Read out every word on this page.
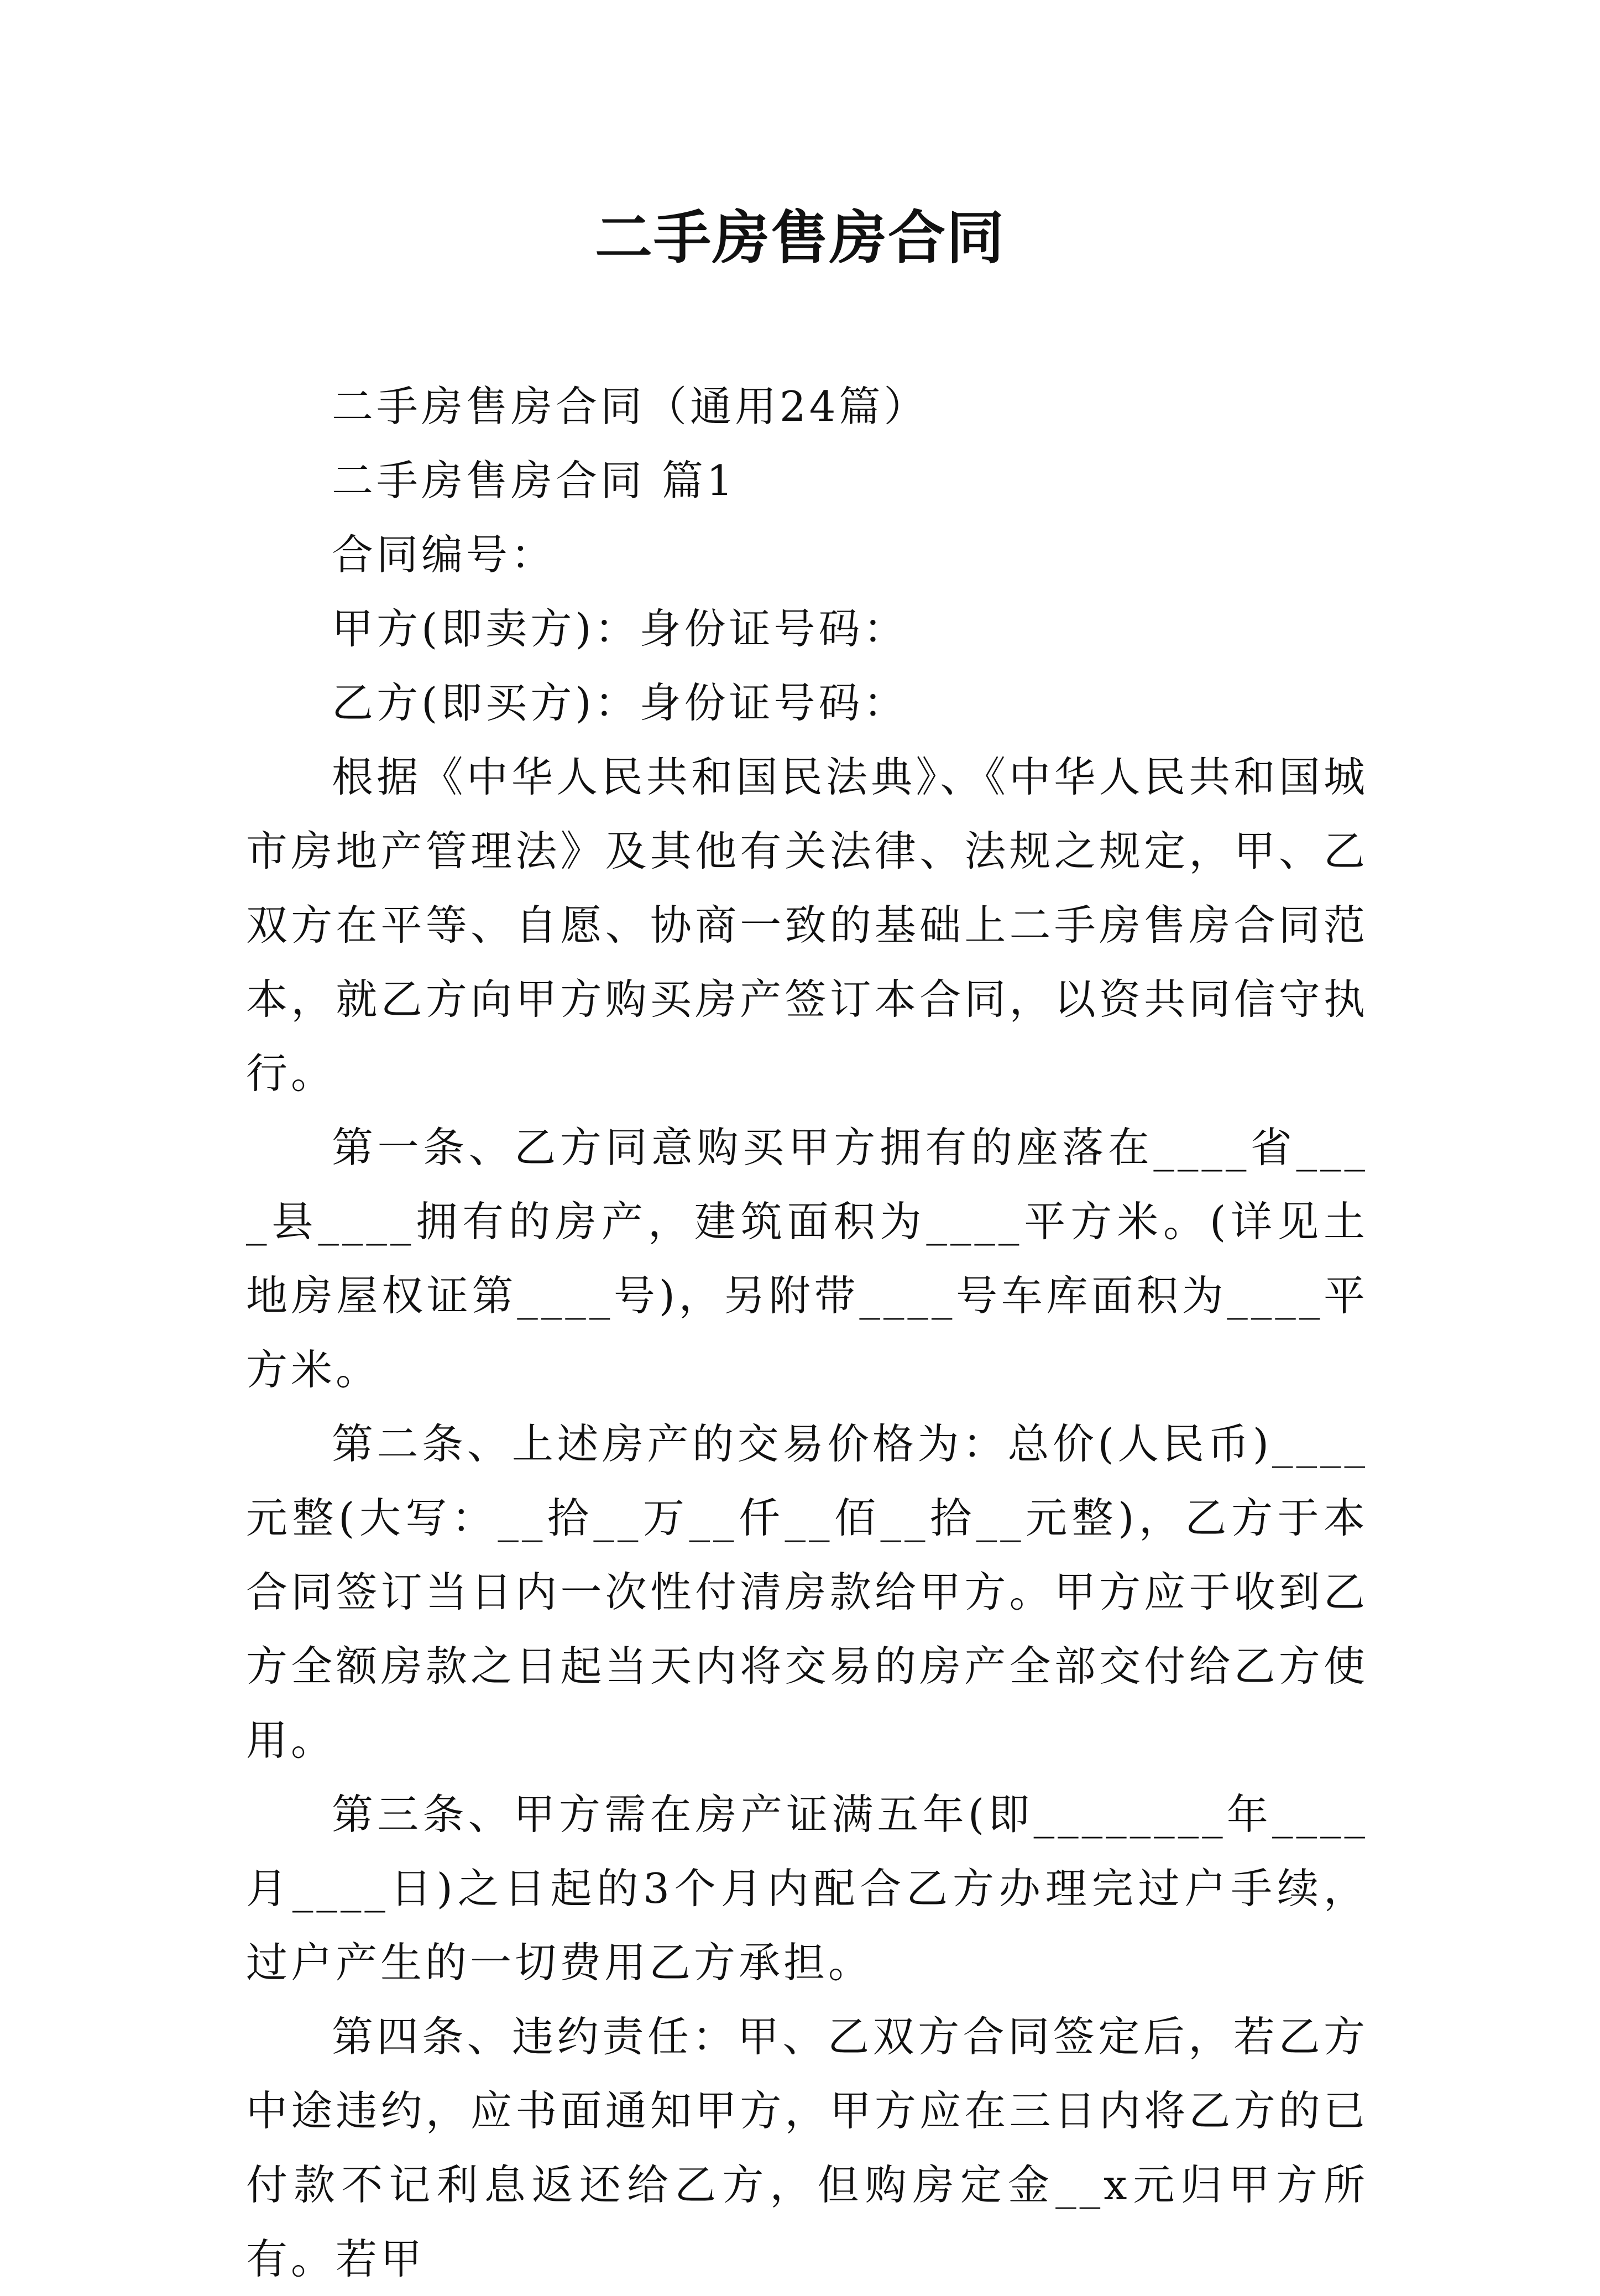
二手房售房合同

二手房售房合同（通用24篇）

二手房售房合同 篇1

合同编号：

甲方(即卖方)：身份证号码：

乙方(即买方)：身份证号码：

根据《中华人民共和国民法典》、《中华人民共和国城市房地产管理法》及其他有关法律、法规之规定，甲、乙双方在平等、自愿、协商一致的基础上二手房售房合同范本，就乙方向甲方购买房产签订本合同，以资共同信守执行。

第一条、乙方同意购买甲方拥有的座落在____省____县____拥有的房产，建筑面积为____平方米。(详见土地房屋权证第____号)，另附带____号车库面积为____平方米。

第二条、上述房产的交易价格为：总价(人民币)____元整(大写：__拾__万__仟__佰__拾__元整)，乙方于本合同签订当日内一次性付清房款给甲方。甲方应于收到乙方全额房款之日起当天内将交易的房产全部交付给乙方使用。

第三条、甲方需在房产证满五年(即________年____月____日)之日起的3个月内配合乙方办理完过户手续，过户产生的一切费用乙方承担。

第四条、违约责任：甲、乙双方合同签定后，若乙方中途违约，应书面通知甲方，甲方应在三日内将乙方的已付款不记利息返还给乙方，但购房定金__x元归甲方所有。若甲
